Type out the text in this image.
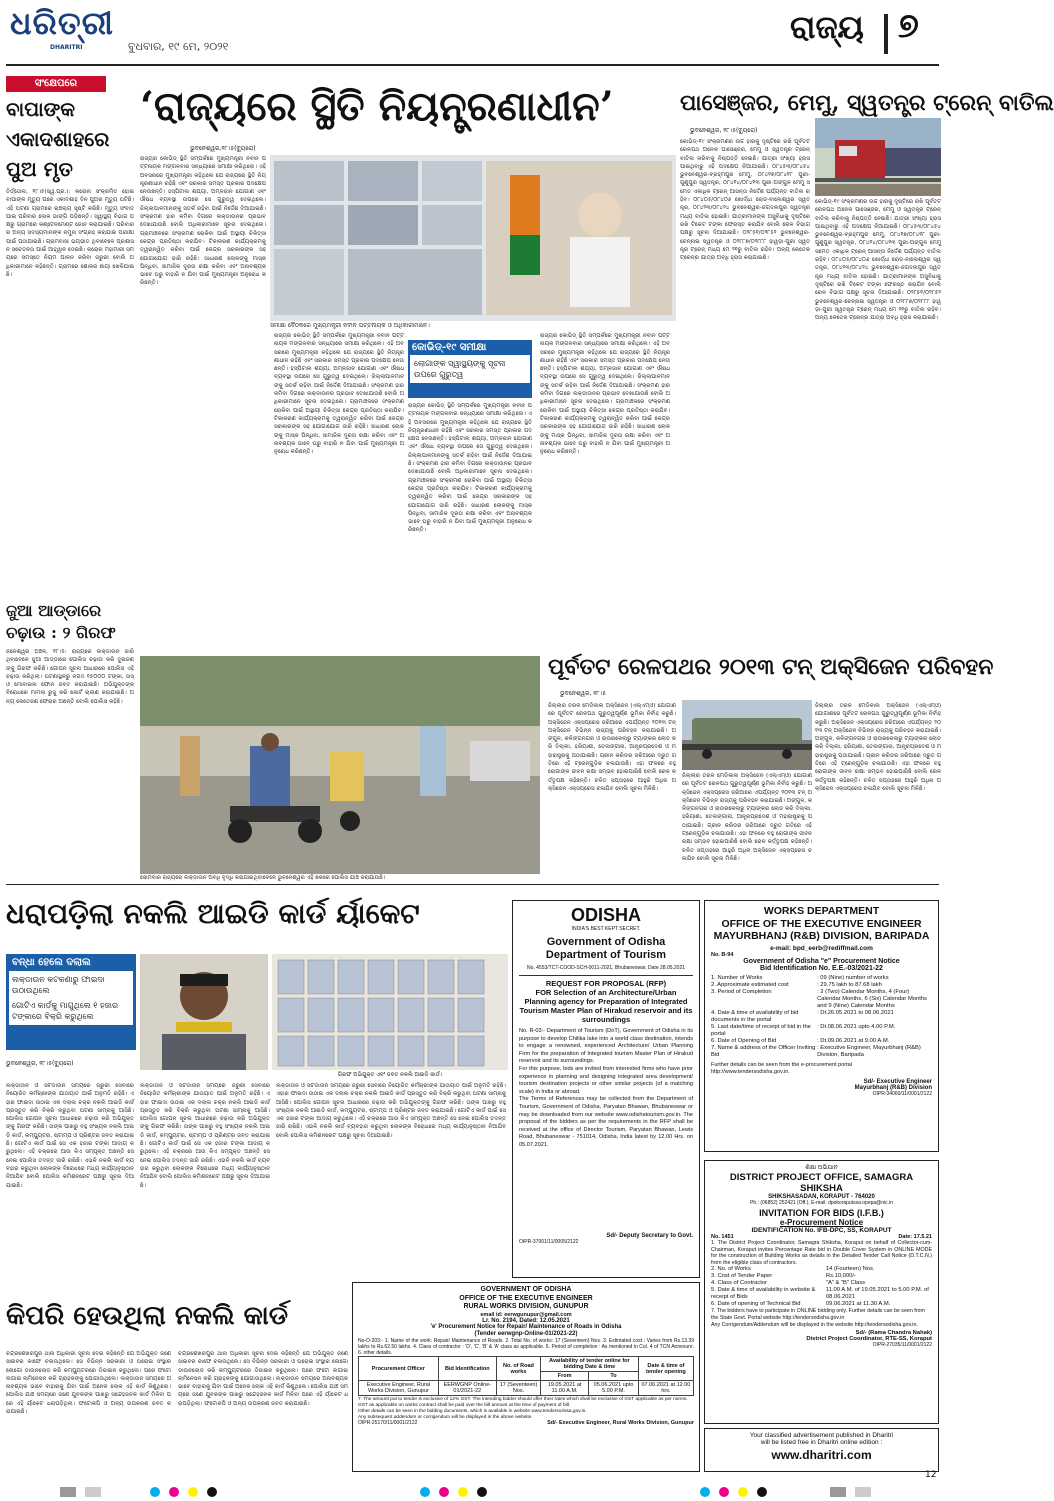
ଧରିତ୍ରୀ
DHARITRI	ବୁଧବାର, ୧୯ ମେ, ୨୦୨୧
ରାଜ୍ୟ ୭
ସଂକ୍ଷେପରେ
ବାପାଙ୍କ ଏକାଦଶାହରେ ପୁଅ ମୃତ
ତିର୍ତ୍ତୋଲ, ୧୮।୫(ସ୍ୱ.ପ୍ର.): କରୋନା ସଂକ୍ରମିତ ହୋଇ ବାପାଙ୍କ ମୃତ୍ୟୁ ପରେ ଏକାଦଶାହ ଦିନ ପୁଅର ମୃତ୍ୟୁ ଘଟିଛି। ଏହି ଘଟଣା ଗ୍ରାମରେ ଚାଞ୍ଚଲ୍ୟ ସୃଷ୍ଟି କରିଛି। ମୃତ୍ୟୁ ସଂବାଦ ପାଇ ପରିବାର ଲୋକ ଭାଙ୍ଗି ପଡ଼ିଛନ୍ତି। ସ୍ୱାସ୍ଥ୍ୟ ବିଭାଗ ପକ୍ଷରୁ ଗ୍ରାମରେ କଣ୍ଟେନମେଣ୍ଟ ଜୋନ କରାଯାଇଛି। ପରିବାରର ଅନ୍ୟ ସଦସ୍ୟମାନଙ୍କ ନମୁନା ସଂଗ୍ରହ କରାଯାଇ ପରୀକ୍ଷା ପାଇଁ ପଠାଯାଇଛି। ଗ୍ରାମବାସୀ ଭୟଭୀତ ଥିବାବେଳେ ପ୍ରଶାସନ ସଚେତନତା ପାଇଁ ଆହ୍ୱାନ ଦେଇଛି। କରୋନା ମହାମାରୀ ସମୟରେ ସମସ୍ତେ ନିୟମ ପାଳନ କରିବା ଜରୁରୀ ବୋଲି ଅଧିକାରୀମାନେ କହିଛନ୍ତି। ଗ୍ରାମରେ ଶୋକର ଛାୟା ଖେଳିଯାଇଛି।
‘ରାଜ୍ୟରେ ସ୍ଥିତି ନିୟନ୍ତ୍ରଣାଧୀନ’
ଭୁବନେଶ୍ୱର,୧୮।୫(ବ୍ୟୁରୋ)
ସମୀକ୍ଷା ବୈଠକରେ ମୁଖ୍ୟମନ୍ତ୍ରୀ ନବୀନ ପଟ୍ଟନାୟକ ଓ ଅଧିକାରୀମାନେ।
ରାଜ୍ୟର କୋଭିଡ୍ ସ୍ଥିତି ସମ୍ପର୍କରେ ମୁଖ୍ୟମନ୍ତ୍ରୀ ନବୀନ ପଟ୍ଟନାୟକ ମଙ୍ଗଳବାର ସନ୍ଧ୍ୟାରେ ସମୀକ୍ଷା କରିଥିଲେ। ଏହି ଅବସରରେ ମୁଖ୍ୟମନ୍ତ୍ରୀ କହିଥିଲେ ଯେ ରାଜ୍ୟରେ ସ୍ଥିତି ନିୟନ୍ତ୍ରଣାଧୀନ ରହିଛି ଏବଂ ସରକାର ସମସ୍ତ ପ୍ରକାର ପଦକ୍ଷେପ ନେଉଛନ୍ତି। ହସ୍ପିଟାଲ ଶଯ୍ୟା, ଅମ୍ଳଜାନ ଯୋଗାଣ ଏବଂ ଔଷଧ ବ୍ୟବସ୍ଥା ଉପରେ ସେ ଗୁରୁତ୍ୱ ଦେଇଥିଲେ। ଜିଲ୍ଲାପାଳମାନଙ୍କୁ ସତର୍କ ରହିବା ପାଇଁ ନିର୍ଦ୍ଦେଶ ଦିଆଯାଇଛି। ସଂକ୍ରମଣ ହାର କମିବା ଦିଗରେ ଲକ୍‌ଡାଉନର ପ୍ରଭାବ ଦେଖାଯାଉଛି ବୋଲି ଅଧିକାରୀମାନେ ସୂଚନା ଦେଇଥିଲେ। ଗ୍ରାମାଞ୍ଚଳରେ ସଂକ୍ରମଣ ରୋକିବା ପାଇଁ ଅସ୍ଥାୟୀ ଚିକିତ୍ସା କେନ୍ଦ୍ର ପ୍ରତିଷ୍ଠା କରାଯିବ। ଟିକାକରଣ କାର୍ଯ୍ୟକ୍ରମକୁ ତ୍ୱରାନ୍ୱିତ କରିବା ପାଇଁ କେନ୍ଦ୍ର ସରକାରଙ୍କ ସହ ଯୋଗାଯୋଗ ଜାରି ରହିଛି। ସାଧାରଣ ଲୋକଙ୍କୁ ମାସ୍କ ପିନ୍ଧିବା, ସାମାଜିକ ଦୂରତା ରକ୍ଷା କରିବା ଏବଂ ଅନାବଶ୍ୟକ ଭାବେ ଘରୁ ବାହାରି ନ ଯିବା ପାଇଁ ମୁଖ୍ୟମନ୍ତ୍ରୀ ଅନୁରୋଧ କରିଛନ୍ତି।
ରାଜ୍ୟର କୋଭିଡ୍ ସ୍ଥିତି ସମ୍ପର୍କରେ ମୁଖ୍ୟମନ୍ତ୍ରୀ ନବୀନ ପଟ୍ଟନାୟକ ମଙ୍ଗଳବାର ସନ୍ଧ୍ୟାରେ ସମୀକ୍ଷା କରିଥିଲେ। ଏହି ଅବସରରେ ମୁଖ୍ୟମନ୍ତ୍ରୀ କହିଥିଲେ ଯେ ରାଜ୍ୟରେ ସ୍ଥିତି ନିୟନ୍ତ୍ରଣାଧୀନ ରହିଛି ଏବଂ ସରକାର ସମସ୍ତ ପ୍ରକାର ପଦକ୍ଷେପ ନେଉଛନ୍ତି। ହସ୍ପିଟାଲ ଶଯ୍ୟା, ଅମ୍ଳଜାନ ଯୋଗାଣ ଏବଂ ଔଷଧ ବ୍ୟବସ୍ଥା ଉପରେ ସେ ଗୁରୁତ୍ୱ ଦେଇଥିଲେ। ଜିଲ୍ଲାପାଳମାନଙ୍କୁ ସତର୍କ ରହିବା ପାଇଁ ନିର୍ଦ୍ଦେଶ ଦିଆଯାଇଛି। ସଂକ୍ରମଣ ହାର କମିବା ଦିଗରେ ଲକ୍‌ଡାଉନର ପ୍ରଭାବ ଦେଖାଯାଉଛି ବୋଲି ଅଧିକାରୀମାନେ ସୂଚନା ଦେଇଥିଲେ। ଗ୍ରାମାଞ୍ଚଳରେ ସଂକ୍ରମଣ ରୋକିବା ପାଇଁ ଅସ୍ଥାୟୀ ଚିକିତ୍ସା କେନ୍ଦ୍ର ପ୍ରତିଷ୍ଠା କରାଯିବ। ଟିକାକରଣ କାର୍ଯ୍ୟକ୍ରମକୁ ତ୍ୱରାନ୍ୱିତ କରିବା ପାଇଁ କେନ୍ଦ୍ର ସରକାରଙ୍କ ସହ ଯୋଗାଯୋଗ ଜାରି ରହିଛି। ସାଧାରଣ ଲୋକଙ୍କୁ ମାସ୍କ ପିନ୍ଧିବା, ସାମାଜିକ ଦୂରତା ରକ୍ଷା କରିବା ଏବଂ ଅନାବଶ୍ୟକ ଭାବେ ଘରୁ ବାହାରି ନ ଯିବା ପାଇଁ ମୁଖ୍ୟମନ୍ତ୍ରୀ ଅନୁରୋଧ କରିଛନ୍ତି।
କୋଭିଡ୍-୧୯ ସମୀକ୍ଷା
ଲୋଗାଙ୍କ ସ୍ୱାସ୍ଥ୍ୟଙ୍କୁ ସୂଚନା ଉପରେ ଗୁରୁତ୍ୱ
ରାଜ୍ୟର କୋଭିଡ୍ ସ୍ଥିତି ସମ୍ପର୍କରେ ମୁଖ୍ୟମନ୍ତ୍ରୀ ନବୀନ ପଟ୍ଟନାୟକ ମଙ୍ଗଳବାର ସନ୍ଧ୍ୟାରେ ସମୀକ୍ଷା କରିଥିଲେ। ଏହି ଅବସରରେ ମୁଖ୍ୟମନ୍ତ୍ରୀ କହିଥିଲେ ଯେ ରାଜ୍ୟରେ ସ୍ଥିତି ନିୟନ୍ତ୍ରଣାଧୀନ ରହିଛି ଏବଂ ସରକାର ସମସ୍ତ ପ୍ରକାର ପଦକ୍ଷେପ ନେଉଛନ୍ତି। ହସ୍ପିଟାଲ ଶଯ୍ୟା, ଅମ୍ଳଜାନ ଯୋଗାଣ ଏବଂ ଔଷଧ ବ୍ୟବସ୍ଥା ଉପରେ ସେ ଗୁରୁତ୍ୱ ଦେଇଥିଲେ। ଜିଲ୍ଲାପାଳମାନଙ୍କୁ ସତର୍କ ରହିବା ପାଇଁ ନିର୍ଦ୍ଦେଶ ଦିଆଯାଇଛି। ସଂକ୍ରମଣ ହାର କମିବା ଦିଗରେ ଲକ୍‌ଡାଉନର ପ୍ରଭାବ ଦେଖାଯାଉଛି ବୋଲି ଅଧିକାରୀମାନେ ସୂଚନା ଦେଇଥିଲେ। ଗ୍ରାମାଞ୍ଚଳରେ ସଂକ୍ରମଣ ରୋକିବା ପାଇଁ ଅସ୍ଥାୟୀ ଚିକିତ୍ସା କେନ୍ଦ୍ର ପ୍ରତିଷ୍ଠା କରାଯିବ। ଟିକାକରଣ କାର୍ଯ୍ୟକ୍ରମକୁ ତ୍ୱରାନ୍ୱିତ କରିବା ପାଇଁ କେନ୍ଦ୍ର ସରକାରଙ୍କ ସହ ଯୋଗାଯୋଗ ଜାରି ରହିଛି। ସାଧାରଣ ଲୋକଙ୍କୁ ମାସ୍କ ପିନ୍ଧିବା, ସାମାଜିକ ଦୂରତା ରକ୍ଷା କରିବା ଏବଂ ଅନାବଶ୍ୟକ ଭାବେ ଘରୁ ବାହାରି ନ ଯିବା ପାଇଁ ମୁଖ୍ୟମନ୍ତ୍ରୀ ଅନୁରୋଧ କରିଛନ୍ତି।
ରାଜ୍ୟର କୋଭିଡ୍ ସ୍ଥିତି ସମ୍ପର୍କରେ ମୁଖ୍ୟମନ୍ତ୍ରୀ ନବୀନ ପଟ୍ଟନାୟକ ମଙ୍ଗଳବାର ସନ୍ଧ୍ୟାରେ ସମୀକ୍ଷା କରିଥିଲେ। ଏହି ଅବସରରେ ମୁଖ୍ୟମନ୍ତ୍ରୀ କହିଥିଲେ ଯେ ରାଜ୍ୟରେ ସ୍ଥିତି ନିୟନ୍ତ୍ରଣାଧୀନ ରହିଛି ଏବଂ ସରକାର ସମସ୍ତ ପ୍ରକାର ପଦକ୍ଷେପ ନେଉଛନ୍ତି। ହସ୍ପିଟାଲ ଶଯ୍ୟା, ଅମ୍ଳଜାନ ଯୋଗାଣ ଏବଂ ଔଷଧ ବ୍ୟବସ୍ଥା ଉପରେ ସେ ଗୁରୁତ୍ୱ ଦେଇଥିଲେ। ଜିଲ୍ଲାପାଳମାନଙ୍କୁ ସତର୍କ ରହିବା ପାଇଁ ନିର୍ଦ୍ଦେଶ ଦିଆଯାଇଛି। ସଂକ୍ରମଣ ହାର କମିବା ଦିଗରେ ଲକ୍‌ଡାଉନର ପ୍ରଭାବ ଦେଖାଯାଉଛି ବୋଲି ଅଧିକାରୀମାନେ ସୂଚନା ଦେଇଥିଲେ। ଗ୍ରାମାଞ୍ଚଳରେ ସଂକ୍ରମଣ ରୋକିବା ପାଇଁ ଅସ୍ଥାୟୀ ଚିକିତ୍ସା କେନ୍ଦ୍ର ପ୍ରତିଷ୍ଠା କରାଯିବ। ଟିକାକରଣ କାର୍ଯ୍ୟକ୍ରମକୁ ତ୍ୱରାନ୍ୱିତ କରିବା ପାଇଁ କେନ୍ଦ୍ର ସରକାରଙ୍କ ସହ ଯୋଗାଯୋଗ ଜାରି ରହିଛି। ସାଧାରଣ ଲୋକଙ୍କୁ ମାସ୍କ ପିନ୍ଧିବା, ସାମାଜିକ ଦୂରତା ରକ୍ଷା କରିବା ଏବଂ ଅନାବଶ୍ୟକ ଭାବେ ଘରୁ ବାହାରି ନ ଯିବା ପାଇଁ ମୁଖ୍ୟମନ୍ତ୍ରୀ ଅନୁରୋଧ କରିଛନ୍ତି।
ପାସେଞ୍ଜର, ମେମୁ, ସ୍ୱତନ୍ତ୍ର ଟ୍ରେନ୍ ବାତିଲ
ଭୁବନେଶ୍ୱର, ୧୮।୫(ବ୍ୟୁରୋ)
କୋଭିଡ୍-୧୯ ସଂକ୍ରମଣର ଉଚ୍ଚ ହାରକୁ ଦୃଷ୍ଟିରେ ରଖି ପୂର୍ବତଟ ରେଳପଥ ଅନେକ ପାସେଞ୍ଜର, ମେମୁ ଓ ସ୍ୱତନ୍ତ୍ର ଟ୍ରେନ୍ ବାତିଲ କରିବାକୁ ନିଷ୍ପତ୍ତି ନେଇଛି। ଯାତ୍ରୀ ସଂଖ୍ୟା ହ୍ରାସ ପାଇଥିବାରୁ ଏହି ପଦକ୍ଷେପ ନିଆଯାଇଛି। ୦୮୪୫୩/୦୮୪୫୪ ଭୁବନେଶ୍ୱର-ବ୍ରହ୍ମପୁର ମେମୁ, ୦୮୪୧୭/୦୮୪୧୮ ପୁରୀ-ଗୁଣୁପୁର ସ୍ୱତନ୍ତ୍ର, ୦୮୪୧୪/୦୮୪୧୩ ପୁରୀ-ଅଙ୍ଗୁଳ ମେମୁ ସମେତ ଏକାଧିକ ଟ୍ରେନ୍ ଆସନ୍ତା ନିର୍ଦ୍ଦେଶ ପର୍ଯ୍ୟନ୍ତ ବାତିଲ ରହିବ। ୦୮୪୦୫/୦୮୪୦୬ ଖୋର୍ଦ୍ଧା ରୋଡ-ବାଲେଶ୍ୱର ସ୍ୱତନ୍ତ୍ର, ୦୮୪୨୩/୦୮୪୨୪ ଭୁବନେଶ୍ୱର-ଜଗଦଲପୁର ସ୍ୱତନ୍ତ୍ର ମଧ୍ୟ ବାତିଲ ହୋଇଛି। ଯାତ୍ରୀମାନଙ୍କ ଅସୁବିଧାକୁ ଦୃଷ୍ଟିରେ ରଖି ଟିକେଟ ଟଙ୍କା ଫେରସ୍ତ କରାଯିବ ବୋଲି ରେଳ ବିଭାଗ ପକ୍ଷରୁ ସୂଚନା ଦିଆଯାଇଛି। ୦୨୮୫୧/୦୨୮୫୨ ଭୁବନେଶ୍ୱର-ଚେନ୍ନାଇ ସ୍ୱତନ୍ତ୍ର ଓ ୦୨୮୮୭/୦୨୮୮୮ ହାୱଡ଼ା-ପୁରୀ ସ୍ୱତନ୍ତ୍ର ଟ୍ରେନ୍ ମଧ୍ୟ ମେ ୨୧ରୁ ବାତିଲ ରହିବ। ଅନ୍ୟ କେତେକ ଟ୍ରେନ୍‌ର ଯାତ୍ରା ଅବଧି ହ୍ରାସ କରାଯାଇଛି।
କୋଭିଡ୍-୧୯ ସଂକ୍ରମଣର ଉଚ୍ଚ ହାରକୁ ଦୃଷ୍ଟିରେ ରଖି ପୂର୍ବତଟ ରେଳପଥ ଅନେକ ପାସେଞ୍ଜର, ମେମୁ ଓ ସ୍ୱତନ୍ତ୍ର ଟ୍ରେନ୍ ବାତିଲ କରିବାକୁ ନିଷ୍ପତ୍ତି ନେଇଛି। ଯାତ୍ରୀ ସଂଖ୍ୟା ହ୍ରାସ ପାଇଥିବାରୁ ଏହି ପଦକ୍ଷେପ ନିଆଯାଇଛି। ୦୮୪୫୩/୦୮୪୫୪ ଭୁବନେଶ୍ୱର-ବ୍ରହ୍ମପୁର ମେମୁ, ୦୮୪୧୭/୦୮୪୧୮ ପୁରୀ-ଗୁଣୁପୁର ସ୍ୱତନ୍ତ୍ର, ୦୮୪୧୪/୦୮୪୧୩ ପୁରୀ-ଅଙ୍ଗୁଳ ମେମୁ ସମେତ ଏକାଧିକ ଟ୍ରେନ୍ ଆସନ୍ତା ନିର୍ଦ୍ଦେଶ ପର୍ଯ୍ୟନ୍ତ ବାତିଲ ରହିବ। ୦୮୪୦୫/୦୮୪୦୬ ଖୋର୍ଦ୍ଧା ରୋଡ-ବାଲେଶ୍ୱର ସ୍ୱତନ୍ତ୍ର, ୦୮୪୨୩/୦୮୪୨୪ ଭୁବନେଶ୍ୱର-ଜଗଦଲପୁର ସ୍ୱତନ୍ତ୍ର ମଧ୍ୟ ବାତିଲ ହୋଇଛି। ଯାତ୍ରୀମାନଙ୍କ ଅସୁବିଧାକୁ ଦୃଷ୍ଟିରେ ରଖି ଟିକେଟ ଟଙ୍କା ଫେରସ୍ତ କରାଯିବ ବୋଲି ରେଳ ବିଭାଗ ପକ୍ଷରୁ ସୂଚନା ଦିଆଯାଇଛି। ୦୨୮୫୧/୦୨୮୫୨ ଭୁବନେଶ୍ୱର-ଚେନ୍ନାଇ ସ୍ୱତନ୍ତ୍ର ଓ ୦୨୮୮୭/୦୨୮୮୮ ହାୱଡ଼ା-ପୁରୀ ସ୍ୱତନ୍ତ୍ର ଟ୍ରେନ୍ ମଧ୍ୟ ମେ ୨୧ରୁ ବାତିଲ ରହିବ। ଅନ୍ୟ କେତେକ ଟ୍ରେନ୍‌ର ଯାତ୍ରା ଅବଧି ହ୍ରାସ କରାଯାଇଛି।
ଜୁଆ ଆଡ୍ଡାରେ ଚଢ଼ାଉ : ୨ ଗିରଫ
ଜଳେଶ୍ୱର ଅଞ୍ଚଳ, ୧୮।୫: ରାଜ୍ୟରେ ଲକ୍‌ଡାଉନ ଜାରି ଥିବାବେଳେ ଜୁଆ ଆଡ୍ଡାରେ ପୋଲିସ ଚଢ଼ାଉ କରି ଦୁଇଜଣଙ୍କୁ ଗିରଫ କରିଛି। ଗୋପନ ସୂଚନା ଆଧାରରେ ପୋଲିସ ଏହି ଚଢ଼ାଉ କରିଥିଲା। ଘଟଣାସ୍ଥଳରୁ ନଗଦ ୧୫୦୦୦ ଟଙ୍କା, ତାସ୍ ଓ ମୋବାଇଲ ଫୋନ ଜବତ କରାଯାଇଛି। ଅଭିଯୁକ୍ତଙ୍କ ବିରୋଧରେ ମାମଲା ରୁଜୁ କରି କୋର୍ଟ ଚାଲାଣ କରାଯାଇଛି। ଅନ୍ୟ କେତେଜଣ ଫେରାର ଅଛନ୍ତି ବୋଲି ପୋଲିସ କହିଛି।
ସୋମବାର ରାଜ୍ୟରେ ଲକ୍‌ଡାଉନ ଅବଧି ବୃଦ୍ଧି କରାଯାଇଥିବାବେଳେ ଭୁବନେଶ୍ୱର ଏହି ଛକରେ ପୋଲିସ ଯାଞ୍ଚ କରାଯାଉଛି।
ପୂର୍ବତଟ ରେଳପଥର ୨୦୧୩ ଟନ୍ ଅକ୍ସିଜେନ ପରିବହନ
ଭୁବନେଶ୍ୱର, ୧୮।୫
ଜିଲ୍ଲାର ତରଳ ମେଡିକାଲ ଅକ୍ସିଜେନ (ଏଲ୍‌ଏମ୍‌ଓ) ଯୋଗାଣରେ ପୂର୍ବତଟ ରେଳପଥ ଗୁରୁତ୍ୱପୂର୍ଣ୍ଣ ଭୂମିକା ନିର୍ବାହ କରୁଛି। ଅକ୍ସିଜେନ ଏକ୍ସପ୍ରେସ ଜରିଆରେ ଏପର୍ଯ୍ୟନ୍ତ ୨୦୧୩ ଟନ୍ ଅକ୍ସିଜେନ ବିଭିନ୍ନ ରାଜ୍ୟକୁ ପରିବହନ କରାଯାଇଛି। ଅଙ୍ଗୁଳ, କଳିଙ୍ଗନଗର ଓ ରାଉରକେଲାରୁ ଟ୍ୟାଙ୍କର ଲୋଡ କରି ଦିଲ୍ଲୀ, ହରିୟାଣା, ତେଲଙ୍ଗାନା, ଆନ୍ଧ୍ରପ୍ରଦେଶ ଓ ମହାରାଷ୍ଟ୍ରକୁ ପଠାଯାଇଛି। ଗ୍ରୀନ କରିଡର ଜରିଆରେ ଦ୍ରୁତ ଗତିରେ ଏହି ଟ୍ରେନ୍‌ଗୁଡ଼ିକ ଚଳାଯାଉଛି। ଏହା ଫଳରେ ବହୁ ରୋଗୀଙ୍କ ଜୀବନ ରକ୍ଷା ସମ୍ଭବ ହୋଇପାରିଛି ବୋଲି ରେଳ କର୍ତ୍ତୃପକ୍ଷ କହିଛନ୍ତି। ଚଳିତ ସପ୍ତାହରେ ଆହୁରି ଅଧିକ ଅକ୍ସିଜେନ ଏକ୍ସପ୍ରେସ ଚଳାଯିବ ବୋଲି ସୂଚନା ମିଳିଛି।
ଜିଲ୍ଲାର ତରଳ ମେଡିକାଲ ଅକ୍ସିଜେନ (ଏଲ୍‌ଏମ୍‌ଓ) ଯୋଗାଣରେ ପୂର୍ବତଟ ରେଳପଥ ଗୁରୁତ୍ୱପୂର୍ଣ୍ଣ ଭୂମିକା ନିର୍ବାହ କରୁଛି। ଅକ୍ସିଜେନ ଏକ୍ସପ୍ରେସ ଜରିଆରେ ଏପର୍ଯ୍ୟନ୍ତ ୨୦୧୩ ଟନ୍ ଅକ୍ସିଜେନ ବିଭିନ୍ନ ରାଜ୍ୟକୁ ପରିବହନ କରାଯାଇଛି। ଅଙ୍ଗୁଳ, କଳିଙ୍ଗନଗର ଓ ରାଉରକେଲାରୁ ଟ୍ୟାଙ୍କର ଲୋଡ କରି ଦିଲ୍ଲୀ, ହରିୟାଣା, ତେଲଙ୍ଗାନା, ଆନ୍ଧ୍ରପ୍ରଦେଶ ଓ ମହାରାଷ୍ଟ୍ରକୁ ପଠାଯାଇଛି। ଗ୍ରୀନ କରିଡର ଜରିଆରେ ଦ୍ରୁତ ଗତିରେ ଏହି ଟ୍ରେନ୍‌ଗୁଡ଼ିକ ଚଳାଯାଉଛି। ଏହା ଫଳରେ ବହୁ ରୋଗୀଙ୍କ ଜୀବନ ରକ୍ଷା ସମ୍ଭବ ହୋଇପାରିଛି ବୋଲି ରେଳ କର୍ତ୍ତୃପକ୍ଷ କହିଛନ୍ତି। ଚଳିତ ସପ୍ତାହରେ ଆହୁରି ଅଧିକ ଅକ୍ସିଜେନ ଏକ୍ସପ୍ରେସ ଚଳାଯିବ ବୋଲି ସୂଚନା ମିଳିଛି।
ଜିଲ୍ଲାର ତରଳ ମେଡିକାଲ ଅକ୍ସିଜେନ (ଏଲ୍‌ଏମ୍‌ଓ) ଯୋଗାଣରେ ପୂର୍ବତଟ ରେଳପଥ ଗୁରୁତ୍ୱପୂର୍ଣ୍ଣ ଭୂମିକା ନିର୍ବାହ କରୁଛି। ଅକ୍ସିଜେନ ଏକ୍ସପ୍ରେସ ଜରିଆରେ ଏପର୍ଯ୍ୟନ୍ତ ୨୦୧୩ ଟନ୍ ଅକ୍ସିଜେନ ବିଭିନ୍ନ ରାଜ୍ୟକୁ ପରିବହନ କରାଯାଇଛି। ଅଙ୍ଗୁଳ, କଳିଙ୍ଗନଗର ଓ ରାଉରକେଲାରୁ ଟ୍ୟାଙ୍କର ଲୋଡ କରି ଦିଲ୍ଲୀ, ହରିୟାଣା, ତେଲଙ୍ଗାନା, ଆନ୍ଧ୍ରପ୍ରଦେଶ ଓ ମହାରାଷ୍ଟ୍ରକୁ ପଠାଯାଇଛି। ଗ୍ରୀନ କରିଡର ଜରିଆରେ ଦ୍ରୁତ ଗତିରେ ଏହି ଟ୍ରେନ୍‌ଗୁଡ଼ିକ ଚଳାଯାଉଛି। ଏହା ଫଳରେ ବହୁ ରୋଗୀଙ୍କ ଜୀବନ ରକ୍ଷା ସମ୍ଭବ ହୋଇପାରିଛି ବୋଲି ରେଳ କର୍ତ୍ତୃପକ୍ଷ କହିଛନ୍ତି। ଚଳିତ ସପ୍ତାହରେ ଆହୁରି ଅଧିକ ଅକ୍ସିଜେନ ଏକ୍ସପ୍ରେସ ଚଳାଯିବ ବୋଲି ସୂଚନା ମିଳିଛି।
ଧରାପଡ଼ିଲା ନକଲି ଆଇଡି କାର୍ଡ ର୍ୟାକେଟ
ବନ୍ଧା ହେଲେ ଦଲାଲ
ଲକ୍‌ଡାଉନ କଟକଣାରୁ ଫାଇଦା ଉଠାଉଥିଲେ
ଗୋଟିଏ କାର୍ଡକୁ ମାଗୁଥିଲେ ୧ ହଜାର ଟଙ୍କାରେ ବିକ୍ରି କରୁଥିଲେ
ଭୁବନେଶ୍ୱର, ୧୮।୫(ବ୍ୟୁରୋ)
ଗିରଫ ଅଭିଯୁକ୍ତ ଏବଂ ଜବତ ନକଲି ଆଇଡି କାର୍ଡ।
ଲକ୍‌ଡାଉନ ଓ ସଟଡାଉନ ସମୟରେ ଜରୁରୀ ସେବାରେ ନିୟୋଜିତ କର୍ମଚାରୀଙ୍କ ଯାତାୟାତ ପାଇଁ ଅନୁମତି ରହିଛି। ଏହାର ଫାଇଦା ଉଠାଇ ଏକ ଦଲାଲ ଚକ୍ର ନକଲି ଆଇଡି କାର୍ଡ ପ୍ରସ୍ତୁତ କରି ବିକ୍ରି କରୁଥିବା ଘଟଣା ସାମ୍ନାକୁ ଆସିଛି। ପୋଲିସ ଗୋପନ ସୂଚନା ଆଧାରରେ ଚଢ଼ାଉ କରି ଅଭିଯୁକ୍ତଙ୍କୁ ଗିରଫ କରିଛି। ତାଙ୍କ ପାଖରୁ ବହୁ ସଂଖ୍ୟକ ନକଲି ଆଇଡି କାର୍ଡ, କମ୍ପ୍ୟୁଟର, ଷ୍ଟାମ୍ପ ଓ ପ୍ରିଣ୍ଟର ଜବତ କରାଯାଇଛି। ଗୋଟିଏ କାର୍ଡ ପାଇଁ ସେ ଏକ ହଜାର ଟଙ୍କା ଆଦାୟ କରୁଥିଲେ। ଏହି ଚକ୍ରରେ ଆଉ କିଏ ସମ୍ପୃକ୍ତ ଅଛନ୍ତି ସେ ନେଇ ପୋଲିସ ତଦନ୍ତ ଜାରି ରଖିଛି। ଏଭଳି ନକଲି କାର୍ଡ ବ୍ୟବହାର କରୁଥିବା ଲୋକଙ୍କ ବିରୋଧରେ ମଧ୍ୟ କାର୍ଯ୍ୟାନୁଷ୍ଠାନ ନିଆଯିବ ବୋଲି ପୋଲିସ କମିଶନରେଟ ପକ୍ଷରୁ ସୂଚନା ଦିଆଯାଇଛି।
ଲକ୍‌ଡାଉନ ଓ ସଟଡାଉନ ସମୟରେ ଜରୁରୀ ସେବାରେ ନିୟୋଜିତ କର୍ମଚାରୀଙ୍କ ଯାତାୟାତ ପାଇଁ ଅନୁମତି ରହିଛି। ଏହାର ଫାଇଦା ଉଠାଇ ଏକ ଦଲାଲ ଚକ୍ର ନକଲି ଆଇଡି କାର୍ଡ ପ୍ରସ୍ତୁତ କରି ବିକ୍ରି କରୁଥିବା ଘଟଣା ସାମ୍ନାକୁ ଆସିଛି। ପୋଲିସ ଗୋପନ ସୂଚନା ଆଧାରରେ ଚଢ଼ାଉ କରି ଅଭିଯୁକ୍ତଙ୍କୁ ଗିରଫ କରିଛି। ତାଙ୍କ ପାଖରୁ ବହୁ ସଂଖ୍ୟକ ନକଲି ଆଇଡି କାର୍ଡ, କମ୍ପ୍ୟୁଟର, ଷ୍ଟାମ୍ପ ଓ ପ୍ରିଣ୍ଟର ଜବତ କରାଯାଇଛି। ଗୋଟିଏ କାର୍ଡ ପାଇଁ ସେ ଏକ ହଜାର ଟଙ୍କା ଆଦାୟ କରୁଥିଲେ। ଏହି ଚକ୍ରରେ ଆଉ କିଏ ସମ୍ପୃକ୍ତ ଅଛନ୍ତି ସେ ନେଇ ପୋଲିସ ତଦନ୍ତ ଜାରି ରଖିଛି। ଏଭଳି ନକଲି କାର୍ଡ ବ୍ୟବହାର କରୁଥିବା ଲୋକଙ୍କ ବିରୋଧରେ ମଧ୍ୟ କାର୍ଯ୍ୟାନୁଷ୍ଠାନ ନିଆଯିବ ବୋଲି ପୋଲିସ କମିଶନରେଟ ପକ୍ଷରୁ ସୂଚନା ଦିଆଯାଇଛି।
ଲକ୍‌ଡାଉନ ଓ ସଟଡାଉନ ସମୟରେ ଜରୁରୀ ସେବାରେ ନିୟୋଜିତ କର୍ମଚାରୀଙ୍କ ଯାତାୟାତ ପାଇଁ ଅନୁମତି ରହିଛି। ଏହାର ଫାଇଦା ଉଠାଇ ଏକ ଦଲାଲ ଚକ୍ର ନକଲି ଆଇଡି କାର୍ଡ ପ୍ରସ୍ତୁତ କରି ବିକ୍ରି କରୁଥିବା ଘଟଣା ସାମ୍ନାକୁ ଆସିଛି। ପୋଲିସ ଗୋପନ ସୂଚନା ଆଧାରରେ ଚଢ଼ାଉ କରି ଅଭିଯୁକ୍ତଙ୍କୁ ଗିରଫ କରିଛି। ତାଙ୍କ ପାଖରୁ ବହୁ ସଂଖ୍ୟକ ନକଲି ଆଇଡି କାର୍ଡ, କମ୍ପ୍ୟୁଟର, ଷ୍ଟାମ୍ପ ଓ ପ୍ରିଣ୍ଟର ଜବତ କରାଯାଇଛି। ଗୋଟିଏ କାର୍ଡ ପାଇଁ ସେ ଏକ ହଜାର ଟଙ୍କା ଆଦାୟ କରୁଥିଲେ। ଏହି ଚକ୍ରରେ ଆଉ କିଏ ସମ୍ପୃକ୍ତ ଅଛନ୍ତି ସେ ନେଇ ପୋଲିସ ତଦନ୍ତ ଜାରି ରଖିଛି। ଏଭଳି ନକଲି କାର୍ଡ ବ୍ୟବହାର କରୁଥିବା ଲୋକଙ୍କ ବିରୋଧରେ ମଧ୍ୟ କାର୍ଯ୍ୟାନୁଷ୍ଠାନ ନିଆଯିବ ବୋଲି ପୋଲିସ କମିଶନରେଟ ପକ୍ଷରୁ ସୂଚନା ଦିଆଯାଇଛି।
କିପରି ହେଉଥିଲା ନକଲି କାର୍ଡ
ଚନ୍ଦ୍ରଶେଖରପୁର ଥାନା ଅଧିକାରୀ ସୂଚନା ଦେଇ କହିଛନ୍ତି ଯେ ଅଭିଯୁକ୍ତ ଜଣେ ସାଇବର କାଫେ ଚଳାଉଥିଲେ। ସେ ବିଭିନ୍ନ ସରକାରୀ ଓ ଘରୋଇ ସଂସ୍ଥାର ଲୋଗୋ ଡାଉନଲୋଡ କରି କମ୍ପ୍ୟୁଟରରେ ଡିଜାଇନ କରୁଥିଲେ। ପରେ ଫଟୋ ଲଗାଇ ଲାମିନେସନ କରି ଗ୍ରାହକଙ୍କୁ ଯୋଗାଉଥିଲେ। ଲକ୍‌ଡାଉନ ସମୟରେ ଅନାବଶ୍ୟକ ଭାବେ ବାହାରକୁ ଯିବା ପାଇଁ ଅନେକ ଲୋକ ଏହି କାର୍ଡ କିଣୁଥିଲେ। ପୋଲିସ ଯାଞ୍ଚ ସମୟରେ ଜଣେ ଯୁବକଙ୍କ ପାଖରୁ ସନ୍ଦେହଜନକ କାର୍ଡ ମିଳିବା ପରେ ଏହି ର୍ୟାକେଟ ଧରାପଡ଼ିଥିଲା। ଫଟୋକପି ଓ ଅନ୍ୟ ଉପକରଣ ଜବତ କରାଯାଇଛି।
ଚନ୍ଦ୍ରଶେଖରପୁର ଥାନା ଅଧିକାରୀ ସୂଚନା ଦେଇ କହିଛନ୍ତି ଯେ ଅଭିଯୁକ୍ତ ଜଣେ ସାଇବର କାଫେ ଚଳାଉଥିଲେ। ସେ ବିଭିନ୍ନ ସରକାରୀ ଓ ଘରୋଇ ସଂସ୍ଥାର ଲୋଗୋ ଡାଉନଲୋଡ କରି କମ୍ପ୍ୟୁଟରରେ ଡିଜାଇନ କରୁଥିଲେ। ପରେ ଫଟୋ ଲଗାଇ ଲାମିନେସନ କରି ଗ୍ରାହକଙ୍କୁ ଯୋଗାଉଥିଲେ। ଲକ୍‌ଡାଉନ ସମୟରେ ଅନାବଶ୍ୟକ ଭାବେ ବାହାରକୁ ଯିବା ପାଇଁ ଅନେକ ଲୋକ ଏହି କାର୍ଡ କିଣୁଥିଲେ। ପୋଲିସ ଯାଞ୍ଚ ସମୟରେ ଜଣେ ଯୁବକଙ୍କ ପାଖରୁ ସନ୍ଦେହଜନକ କାର୍ଡ ମିଳିବା ପରେ ଏହି ର୍ୟାକେଟ ଧରାପଡ଼ିଥିଲା। ଫଟୋକପି ଓ ଅନ୍ୟ ଉପକରଣ ଜବତ କରାଯାଇଛି।
ODISHA
INDIA'S BEST KEPT SECRET.
Government of Odisha
Department of Tourism
No. 4553/TCT-COOD-SCH-0011-2021, Bhubaneswar, Date 28.05.2021
REQUEST FOR PROPOSAL (RFP)
FOR Selection of an Architecture/Urban Planning agency for Preparation of Integrated Tourism Master Plan of Hirakud reservoir and its surroundings
No. R-03:- Department of Tourism (DoT), Government of Odisha in its purpose to develop Chilika lake into a world class destination, intends to engage a renowned, experienced Architecture/ Urban Planning Firm for the preparation of Integrated tourism Master Plan of Hirakud reservoir and its surroundings.
For this purpose, bids are invited from interested firms who have prior experience in planning and designing integrated area development/ tourism destination projects or other similar projects (of a matching scale) in India or abroad.
The Terms of References may be collected from the Department of Tourism, Government of Odisha, Paryatan Bhawan, Bhubaneswar or may be downloaded from our website www.odishatourism.gov.in. The proposal of the bidders as per the requirements in the RFP shall be received at the office of Director Tourism, Paryatan Bhawan, Lewis Road, Bhubaneswar - 751014, Odisha, India latest by 12.00 Hrs. on 05.07.2021.
Sd/- Deputy Secretary to Govt.
OIPR-37001/11/0005/2122
WORKS DEPARTMENT
OFFICE OF THE EXECUTIVE ENGINEER
MAYURBHANJ (R&B) DIVISION, BARIPADA
e-mail: bpd_eerb@rediffmail.com
No. B-94
Government of Odisha "e" Procurement Notice
Bid Identification No. E.E.-03/2021-22
1. Number of Works	: 09 (Nine) number of works
2. Approximate estimated cost	: 29.75 lakh to 87.68 lakh
3. Period of Completion	: 2 (Two) Calendar Months, 4 (Four) Calendar Months, 6 (Six) Calendar Months and 9 (Nine) Calendar Months
4. Date & time of availability of bid documents in the portal
: Dt.26.05.2021 to 08.06.2021
5. Last date/time of receipt of bid in the portal
: Dt.08.06.2021 upto 4.00 P.M.
6. Date of Opening of Bid	: Dt.09.06.2021 at 9.00 A.M.
7. Name & address of the Officer Inviting Bid
: Executive Engineer, Mayurbhanj (R&B) Division, Baripada
Further details can be seen from the e-procurement portal http://www.tendersodisha.gov.in.
Sd/- Executive Engineer
Mayurbhanj (R&B) Division
OIPR-34060/11/0001/2122
ଶିକ୍ଷା ଅଭିଯାନ
DISTRICT PROJECT OFFICE, SAMAGRA SHIKSHA
SHIKSHASADAN, KORAPUT - 764020
Ph.: (06852) 252421 (Off.), E-mail: dpokoraputssa.opepa@nic.in
INVITATION FOR BIDS (I.F.B.)
e-Procurement Notice
IDENTIFICATION No. IFB-DPC, SS, KORAPUT
No. 1451	Date: 17.5.21
1. The District Project Coordinator, Samagra Shiksha, Koraput on behalf of Collector-cum-Chairman, Koraput invites Percentage Rate bid in Double Cover System in ONLINE MODE for the construction of Building Works as details in the Detailed Tender Call Notice (D.T.C.N.) from the eligible class of contractors.
2. No. of Works	14 (Fourteen) Nos.
3. Cost of Tender Paper	Rs.10,000/-
4. Class of Contractor	"A" & "B" Class
5. Date & time of availability in website & receipt of Bids
11.00 A.M. of 19.05.2021 to 5.00 P.M. of 08.06.2021
6. Date of opening of Technical Bid	09.06.2021 at 11.30 A.M.
7. The bidders have to participate in ONLINE bidding only. Further details can be seen from the State Govt. Portal website http://tendersodisha.gov.in
Any Corrigendum/Addendum will be displayed in the website http://tendersodisha.gov.in.
Sd/- (Rama Chandra Nahak)
District Project Coordinator, RTE-SS, Koraput
OIPR-27035/11/0001/2122
GOVERNMENT OF ODISHA
OFFICE OF THE EXECUTIVE ENGINEER
RURAL WORKS DIVISION, GUNUPUR
email id: eerwgunupur@gmail.com
Lr. No. 2194, Dated: 12.05.2021
'e' Procurement Notice for Repair/ Maintenance of Roads in Odisha
(Tender eerwgnp-Online-01/2021-22)
No-O-203:- 1. Name of the work: Repair/ Maintenance of Roads. 2. Total No. of works: 17 (Seventeen) Nos. 3. Estimated cost : Varies from Rs.13.39 lakhs to Rs.62.50 lakhs. 4. Class of contractor : 'D', 'C', 'B' & 'A' class as applicable. 5. Period of completion : As mentioned in Col. 4 of TCN Annexure. 6. other details.
Procurement Officer	Bid Identification	No. of Road works	Availability of tender online for bidding Date & time		Date & time of tender opening
			From	To	
Executive Engineer, Rural Works Division, Gunupur	EERWGNP Online- 01/2021-22	17 (Seventeen) Nos.	19.05.2021 at 11.00 A.M.	05.06.2021 upto 5.00 P.M.	07.06.2021 at 12.00 hrs.
7. The amount put to tender is exclusive of 12% GST. The intending bidder should offer their rates which shall be exclusive of GST applicable as per norms. GST as applicable on works contract shall be paid over the bill amount at the time of payment of bill.
Other details can be seen in the bidding documents, which is available in website www.tendersorissa.gov.in.
Any subsequent addendum or corrigendum will be displayed in the above website.
OIPR-25170/11/0001/2122	Sd/- Executive Engineer, Rural Works Division, Gunupur
Your classified advertisement published in Dharitri
will be listed free in Dharitri online edition :
www.dharitri.com

12
